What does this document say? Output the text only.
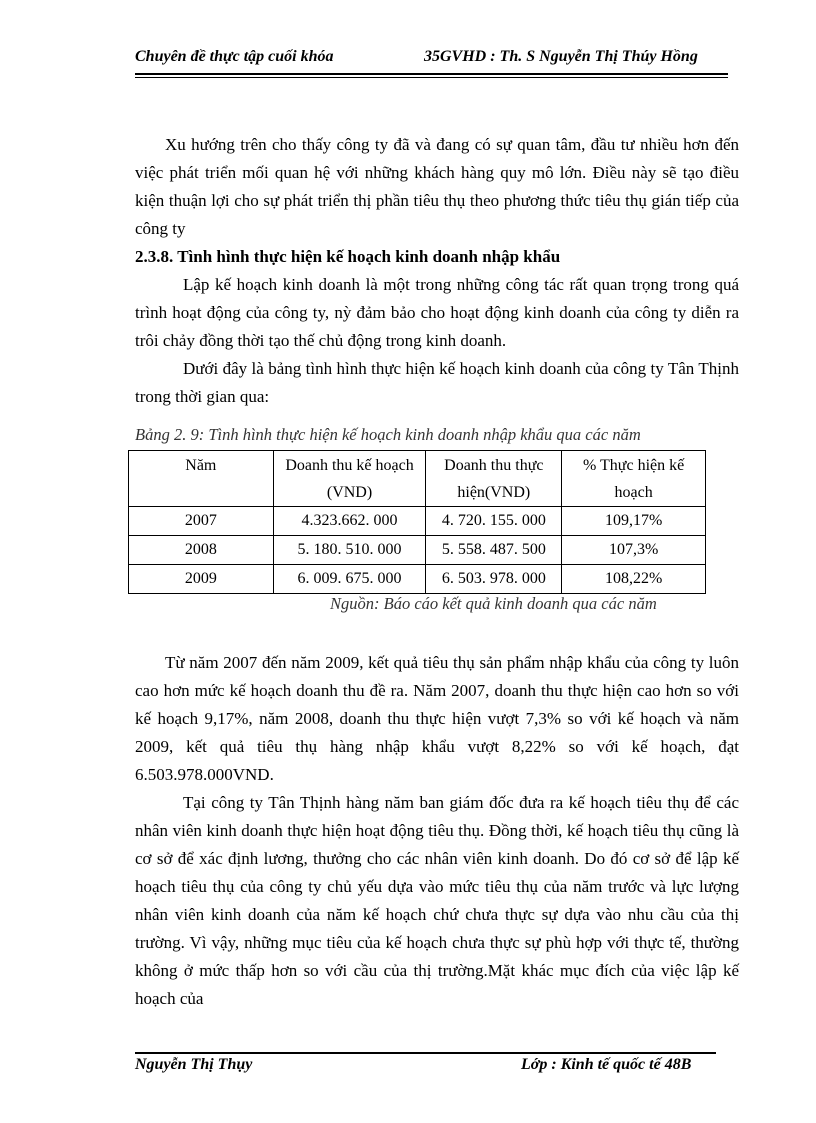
Chuyên đề thực tập cuối khóa	35GVHD : Th. S Nguyễn Thị Thúy Hồng

Xu hướng trên cho thấy công ty đã và đang có sự quan tâm, đầu tư nhiều hơn đến việc phát triển mối quan hệ với những khách hàng quy mô lớn. Điều này sẽ tạo điều kiện thuận lợi cho sự phát triển thị phần tiêu thụ theo phương thức tiêu thụ gián tiếp của công ty

2.3.8. Tình hình thực hiện kế hoạch kinh doanh nhập khẩu

Lập kế hoạch kinh doanh là một trong những công tác rất quan trọng trong quá trình hoạt động của công ty, nỳ đảm bảo cho hoạt động kinh doanh của công ty diễn ra trôi chảy đồng thời tạo thế chủ động trong kinh doanh.

Dưới đây là bảng tình hình thực hiện kế hoạch kinh doanh của công ty Tân Thịnh trong thời gian qua:

Bảng 2. 9: Tình hình thực hiện kế hoạch kinh doanh nhập khẩu qua các năm
Năm	Doanh thu kế hoạch (VND)	Doanh thu thực hiện(VND)	% Thực hiện kế hoạch
2007	4.323.662. 000	4. 720. 155. 000	109,17%
2008	5. 180. 510. 000	5. 558. 487. 500	107,3%
2009	6. 009. 675. 000	6. 503. 978. 000	108,22%
Nguồn: Báo cáo kết quả kinh doanh qua các năm

Từ năm 2007 đến năm 2009, kết quả tiêu thụ sản phẩm nhập khẩu của công ty luôn cao hơn mức kế hoạch doanh thu đề ra. Năm 2007, doanh thu thực hiện cao hơn so với kế hoạch 9,17%, năm 2008, doanh thu thực hiện vượt 7,3% so với kế hoạch và năm 2009, kết quả tiêu thụ hàng nhập khẩu vượt 8,22% so với kế hoạch, đạt 6.503.978.000VND.

Tại công ty Tân Thịnh hàng năm ban giám đốc đưa ra kế hoạch tiêu thụ để các nhân viên kinh doanh thực hiện hoạt động tiêu thụ. Đồng thời, kế hoạch tiêu thụ cũng là cơ sở để xác định lương, thưởng cho các nhân viên kinh doanh. Do đó cơ sở để lập kế hoạch tiêu thụ của công ty chủ yếu dựa vào mức tiêu thụ của năm trước và lực lượng nhân viên kinh doanh của năm kế hoạch chứ chưa thực sự dựa vào nhu cầu của thị trường. Vì vậy, những mục tiêu của kế hoạch chưa thực sự phù hợp với thực tế, thường không ở mức thấp hơn so với cầu của thị trường.Mặt khác mục đích của việc lập kế hoạch của

Nguyễn Thị Thụy	Lớp : Kinh tế quốc tế 48B
